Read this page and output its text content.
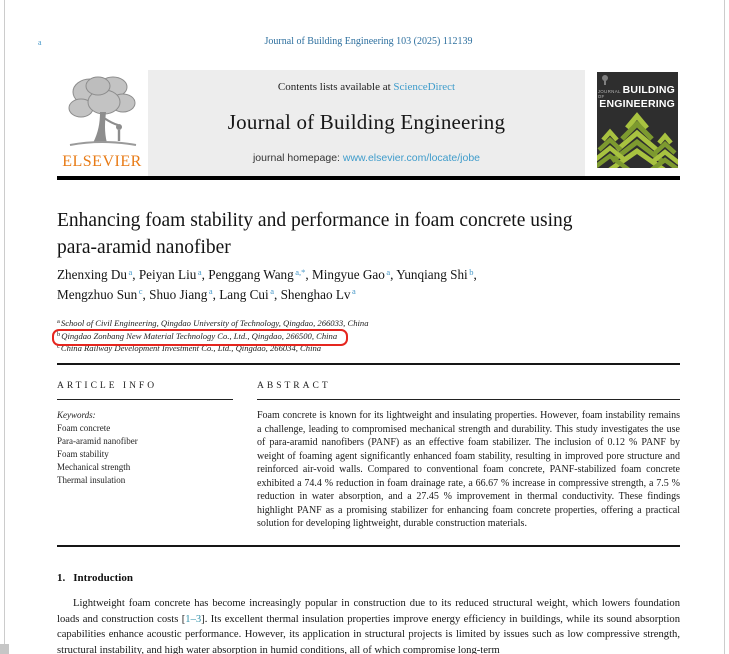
a	Journal of Building Engineering 103 (2025) 112139
ELSEVIER
Contents lists available at ScienceDirect
Journal of Building Engineering
journal homepage: www.elsevier.com/locate/jobe
JOURNAL OF
BUILDING
ENGINEERING
Enhancing foam stability and performance in foam concrete using
para-aramid nanofiber
Zhenxing Du $^a$, Peiyan Liu $^a$, Penggang Wang $^{a,*}$, Mingyue Gao $^a$, Yunqiang Shi $^b$,
Mengzhuo Sun $^c$, Shuo Jiang $^a$, Lang Cui $^a$, Shenghao Lv $^a$
$^a$School of Civil Engineering, Qingdao University of Technology, Qingdao, 266033, China
$^b$Qingdao Zonbang New Material Technology Co., Ltd., Qingdao, 266500, China
$^c$China Railway Development Investment Co., Ltd., Qingdao, 266034, China
ARTICLE INFO
Keywords:
Foam concrete
Para-aramid nanofiber
Foam stability
Mechanical strength
Thermal insulation
ABSTRACT
Foam concrete is known for its lightweight and insulating properties. However, foam instability remains a challenge, leading to compromised mechanical strength and durability. This study investigates the use of para-aramid nanofibers (PANF) as an effective foam stabilizer. The inclusion of 0.12 % PANF by weight of foaming agent significantly enhanced foam stability, resulting in improved pore structure and reinforced air-void walls. Compared to conventional foam concrete, PANF-stabilized foam concrete exhibited a 74.4 % reduction in foam drainage rate, a 66.67 % increase in compressive strength, a 7.5 % reduction in water absorption, and a 27.45 % improvement in thermal conductivity. These findings highlight PANF as a promising stabilizer for enhancing foam concrete properties, offering a practical solution for developing lightweight, durable construction materials.
1. Introduction
Lightweight foam concrete has become increasingly popular in construction due to its reduced structural weight, which lowers foundation loads and construction costs [1–3]. Its excellent thermal insulation properties improve energy efficiency in buildings, while its sound absorption capabilities enhance acoustic performance. However, its application in structural projects is limited by issues such as low compressive strength, structural instability, and high water absorption in humid conditions, all of which compromise long-term
